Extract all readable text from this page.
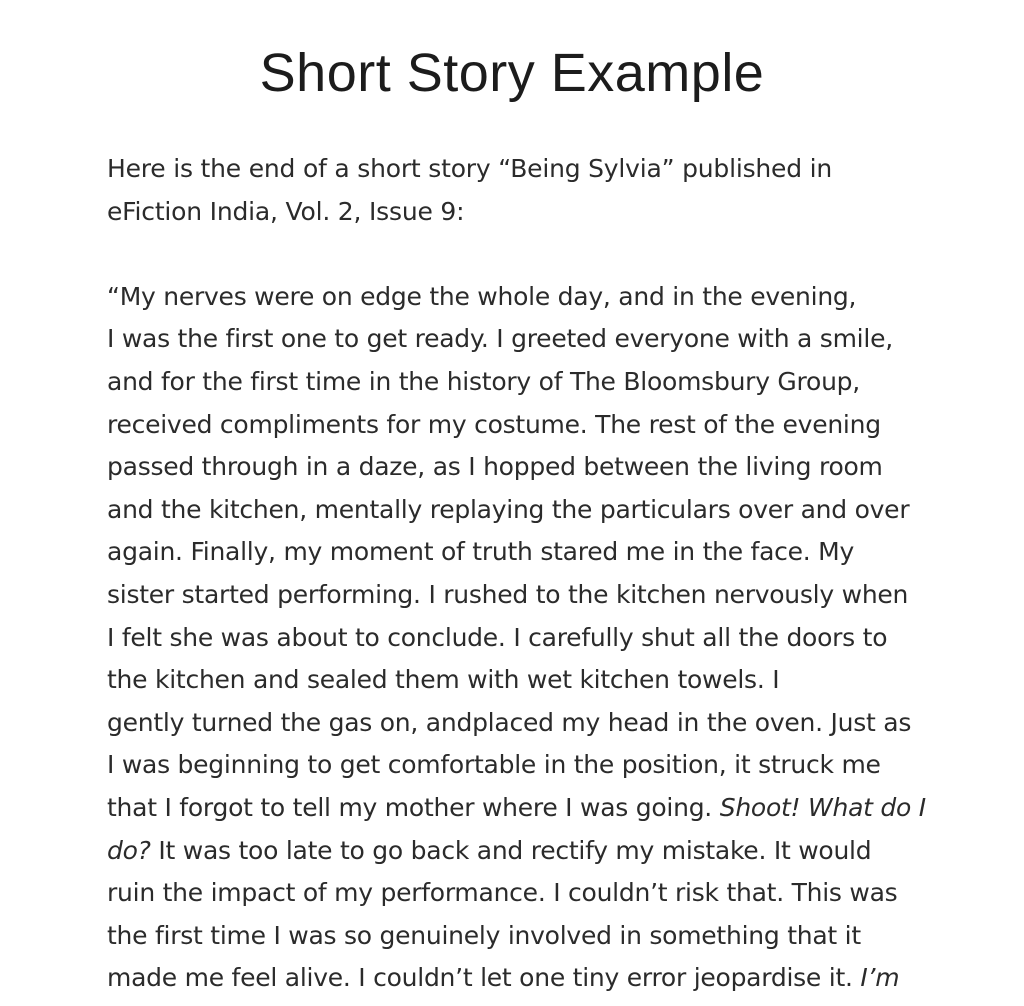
Short Story Example
Here is the end of a short story “Being Sylvia” published in
eFiction India, Vol. 2, Issue 9:
“My nerves were on edge the whole day, and in the evening,
I was the first one to get ready. I greeted everyone with a smile,
and for the first time in the history of The Bloomsbury Group,
received compliments for my costume. The rest of the evening
passed through in a daze, as I hopped between the living room
and the kitchen, mentally replaying the particulars over and over
again. Finally, my moment of truth stared me in the face. My
sister started performing. I rushed to the kitchen nervously when
I felt she was about to conclude. I carefully shut all the doors to
the kitchen and sealed them with wet kitchen towels. I
gently turned the gas on, andplaced my head in the oven. Just as
I was beginning to get comfortable in the position, it struck me
that I forgot to tell my mother where I was going. Shoot! What do I
do? It was too late to go back and rectify my mistake. It would
ruin the impact of my performance. I couldn’t risk that. This was
the first time I was so genuinely involved in something that it
made me feel alive. I couldn’t let one tiny error jeopardise it. I’m
